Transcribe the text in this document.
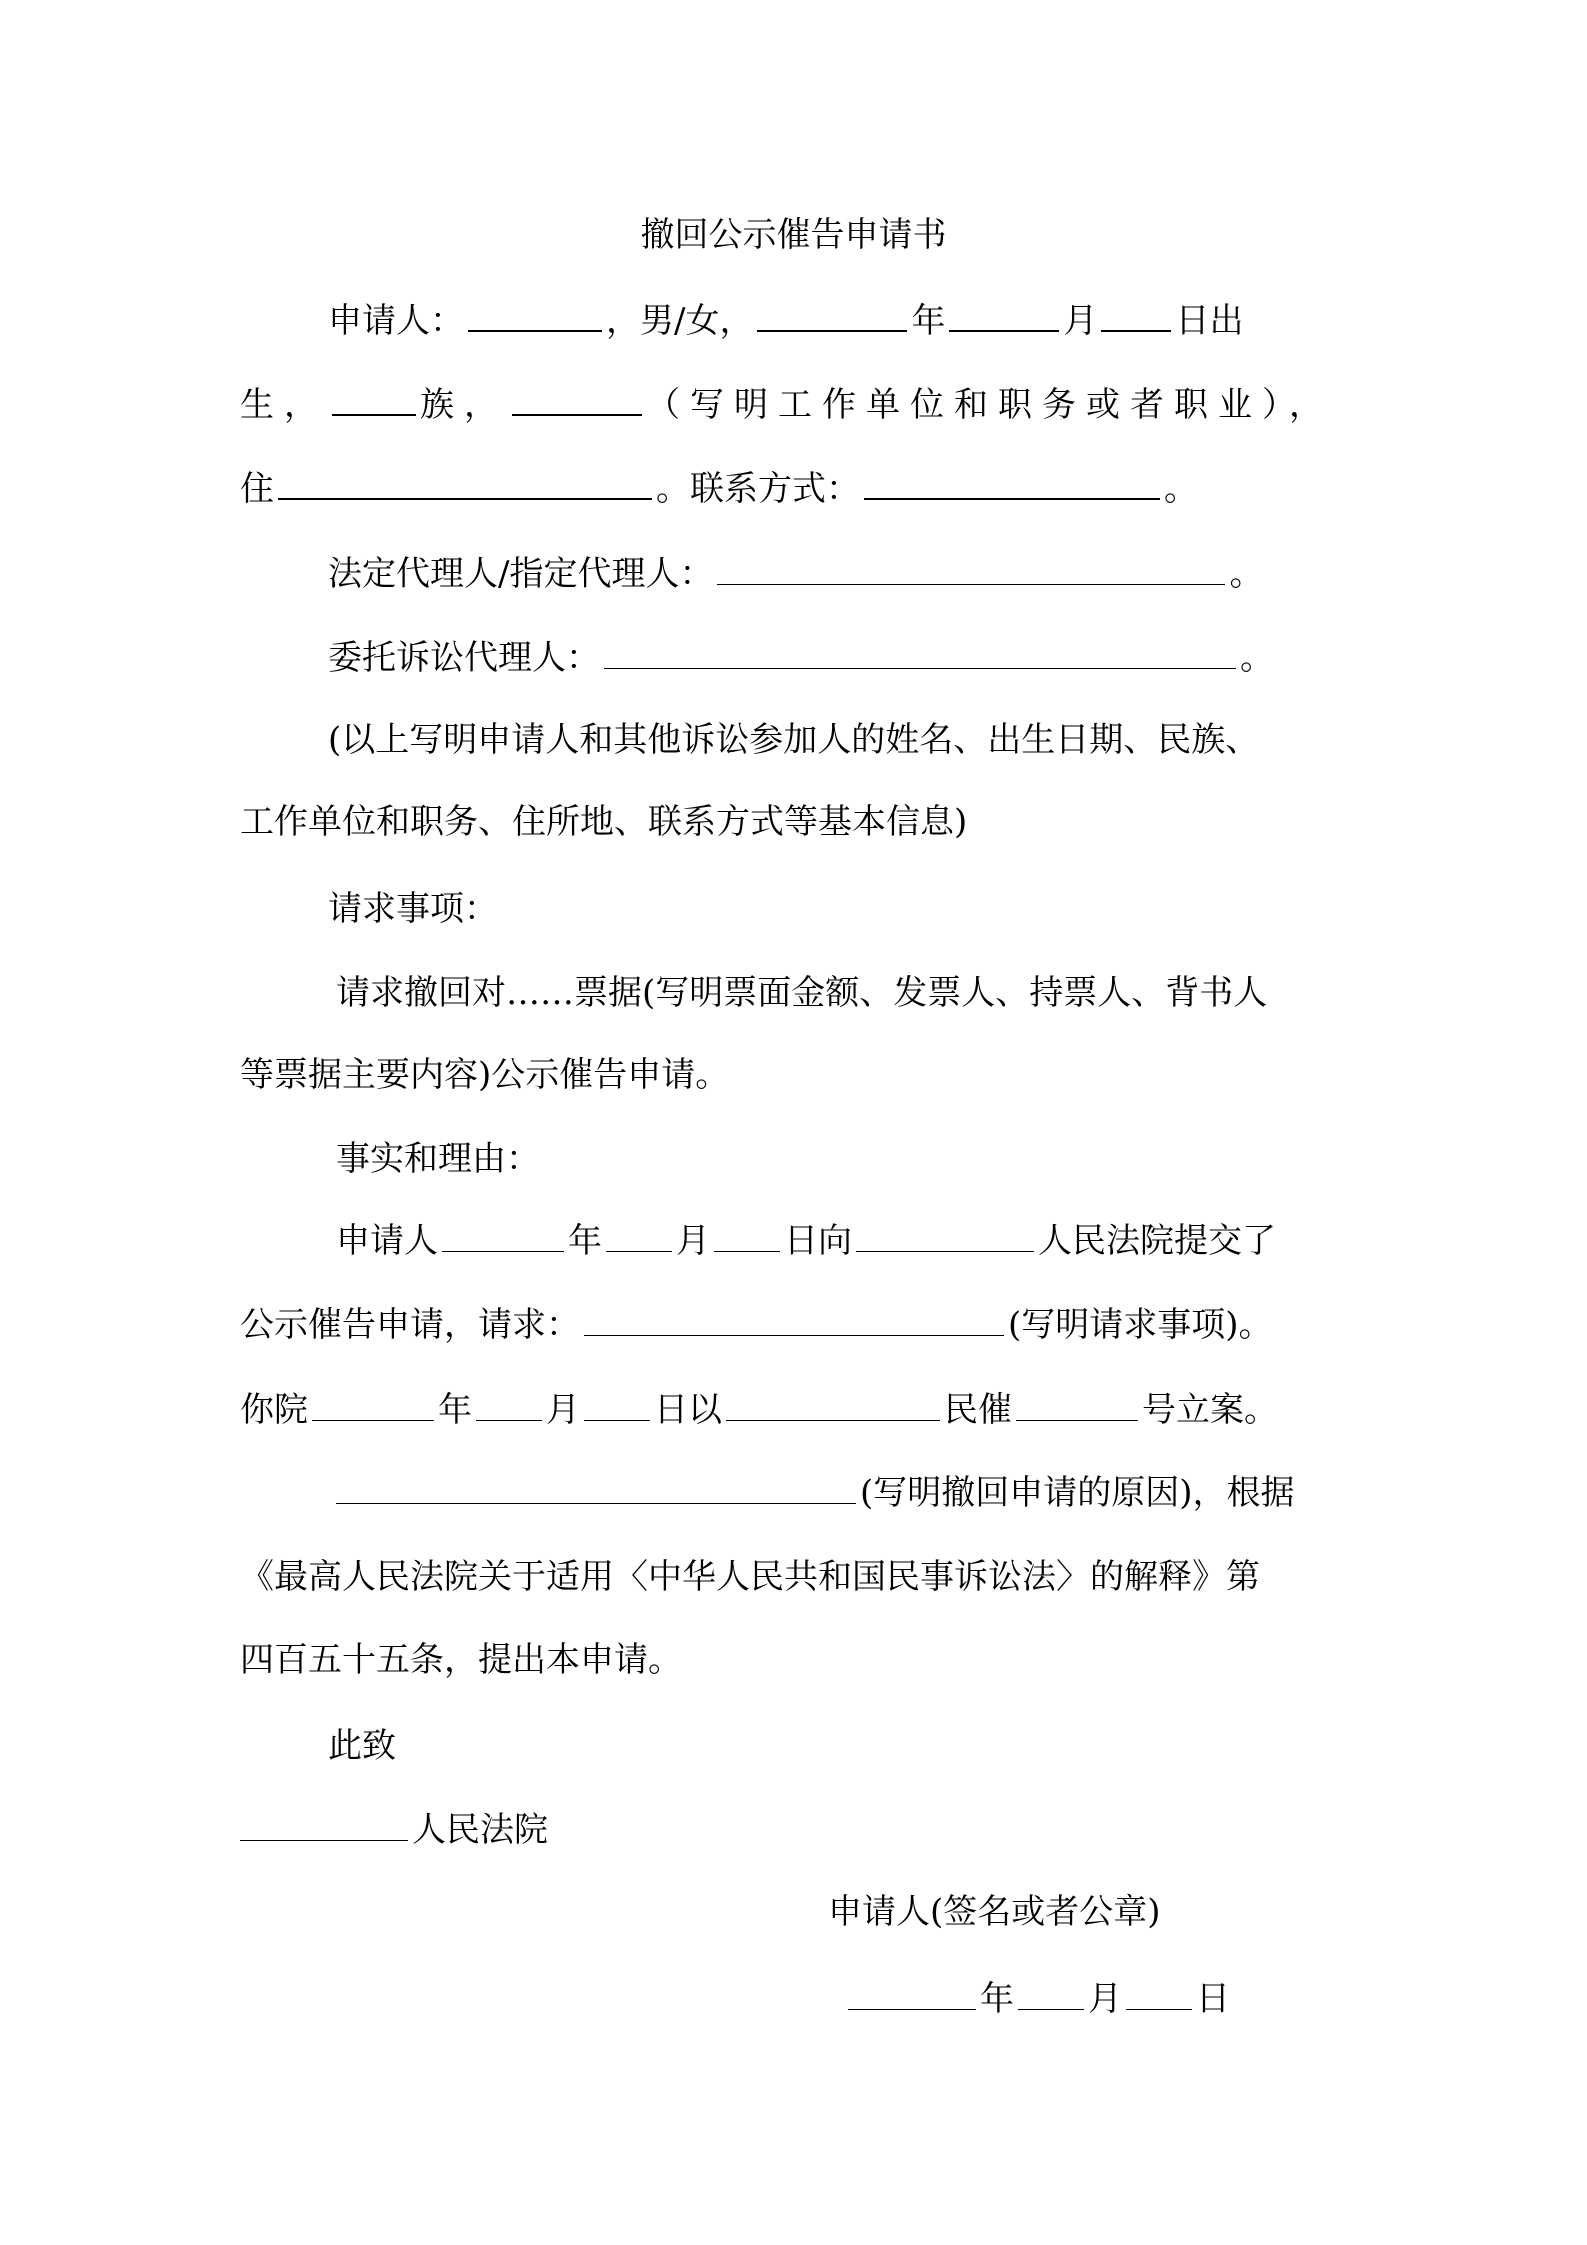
撤回公示催告申请书
申请人：	，男/女，	年	月 日出
生，	族，	（写明工作单位和职务或者职业），
住	。联系方式：	。
法定代理人/指定代理人：	。
委托诉讼代理人：	。
(以上写明申请人和其他诉讼参加人的姓名、出生日期、民族、
工作单位和职务、住所地、联系方式等基本信息)
请求事项：
请求撤回对……票据(写明票面金额、发票人、持票人、背书人
等票据主要内容)公示催告申请。
事实和理由：
申请人	年 月 日向	人民法院提交了
公示催告申请，请求：	(写明请求事项)。
你院	年 月 日以	民催	号立案。
(写明撤回申请的原因)，根据
《最高人民法院关于适用〈中华人民共和国民事诉讼法〉的解释》第
四百五十五条，提出本申请。
此致
人民法院
申请人(签名或者公章)
年 月 日
